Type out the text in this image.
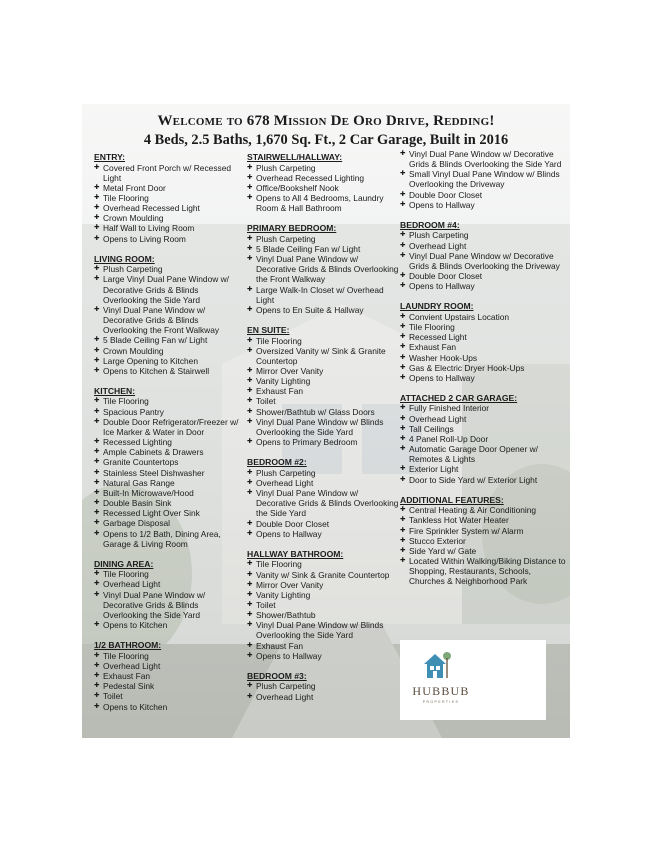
Welcome to 678 Mission De Oro Drive, Redding!
4 Beds, 2.5 Baths, 1,670 Sq. Ft., 2 Car Garage, Built in 2016
ENTRY:
✚ Covered Front Porch w/ Recessed Light
✚ Metal Front Door
✚ Tile Flooring
✚ Overhead Recessed Light
✚ Crown Moulding
✚ Half Wall to Living Room
✚ Opens to Living Room
LIVING ROOM:
✚ Plush Carpeting
✚ Large Vinyl Dual Pane Window w/ Decorative Grids & Blinds Overlooking the Side Yard
✚ Vinyl Dual Pane Window w/ Decorative Grids & Blinds Overlooking the Front Walkway
✚ 5 Blade Ceiling Fan w/ Light
✚ Crown Moulding
✚ Large Opening to Kitchen
✚ Opens to Kitchen & Stairwell
KITCHEN:
✚ Tile Flooring
✚ Spacious Pantry
✚ Double Door Refrigerator/Freezer w/ Ice Marker & Water in Door
✚ Recessed Lighting
✚ Ample Cabinets & Drawers
✚ Granite Countertops
✚ Stainless Steel Dishwasher
✚ Natural Gas Range
✚ Built-In Microwave/Hood
✚ Double Basin Sink
✚ Recessed Light Over Sink
✚ Garbage Disposal
✚ Opens to 1/2 Bath, Dining Area, Garage & Living Room
DINING AREA:
✚ Tile Flooring
✚ Overhead Light
✚ Vinyl Dual Pane Window w/ Decorative Grids & Blinds Overlooking the Side Yard
✚ Opens to Kitchen
1/2 BATHROOM:
✚ Tile Flooring
✚ Overhead Light
✚ Exhaust Fan
✚ Pedestal Sink
✚ Toilet
✚ Opens to Kitchen
STAIRWELL/HALLWAY:
✚ Plush Carpeting
✚ Overhead Recessed Lighting
✚ Office/Bookshelf Nook
✚ Opens to All 4 Bedrooms, Laundry Room & Hall Bathroom
PRIMARY BEDROOM:
✚ Plush Carpeting
✚ 5 Blade Ceiling Fan w/ Light
✚ Vinyl Dual Pane Window w/ Decorative Grids & Blinds Overlooking the Front Walkway
✚ Large Walk-In Closet w/ Overhead Light
✚ Opens to En Suite & Hallway
EN SUITE:
✚ Tile Flooring
✚ Oversized Vanity w/ Sink & Granite Countertop
✚ Mirror Over Vanity
✚ Vanity Lighting
✚ Exhaust Fan
✚ Toilet
✚ Shower/Bathtub w/ Glass Doors
✚ Vinyl Dual Pane Window w/ Blinds Overlooking the Side Yard
✚ Opens to Primary Bedroom
BEDROOM #2:
✚ Plush Carpeting
✚ Overhead Light
✚ Vinyl Dual Pane Window w/ Decorative Grids & Blinds Overlooking the Side Yard
✚ Double Door Closet
✚ Opens to Hallway
HALLWAY BATHROOM:
✚ Tile Flooring
✚ Vanity w/ Sink & Granite Countertop
✚ Mirror Over Vanity
✚ Vanity Lighting
✚ Toilet
✚ Shower/Bathtub
✚ Vinyl Dual Pane Window w/ Blinds Overlooking the Side Yard
✚ Exhaust Fan
✚ Opens to Hallway
BEDROOM #3:
✚ Plush Carpeting
✚ Overhead Light
✚ Vinyl Dual Pane Window w/ Decorative Grids & Blinds Overlooking the Side Yard
✚ Small Vinyl Dual Pane Window w/ Blinds Overlooking the Driveway
✚ Double Door Closet
✚ Opens to Hallway
BEDROOM #4:
✚ Plush Carpeting
✚ Overhead Light
✚ Vinyl Dual Pane Window w/ Decorative Grids & Blinds Overlooking the Driveway
✚ Double Door Closet
✚ Opens to Hallway
LAUNDRY ROOM:
✚ Convient Upstairs Location
✚ Tile Flooring
✚ Recessed Light
✚ Exhaust Fan
✚ Washer Hook-Ups
✚ Gas & Electric Dryer Hook-Ups
✚ Opens to Hallway
ATTACHED 2 CAR GARAGE:
✚ Fully Finished Interior
✚ Overhead Light
✚ Tall Ceilings
✚ 4 Panel Roll-Up Door
✚ Automatic Garage Door Opener w/ Remotes & Lights
✚ Exterior Light
✚ Door to Side Yard w/ Exterior Light
ADDITIONAL FEATURES:
✚ Central Heating & Air Conditioning
✚ Tankless Hot Water Heater
✚ Fire Sprinkler System w/ Alarm
✚ Stucco Exterior
✚ Side Yard w/ Gate
✚ Located Within Walking/Biking Distance to Shopping, Restaurants, Schools, Churches & Neighborhood Park
HUBBUB
PROPERTIES
